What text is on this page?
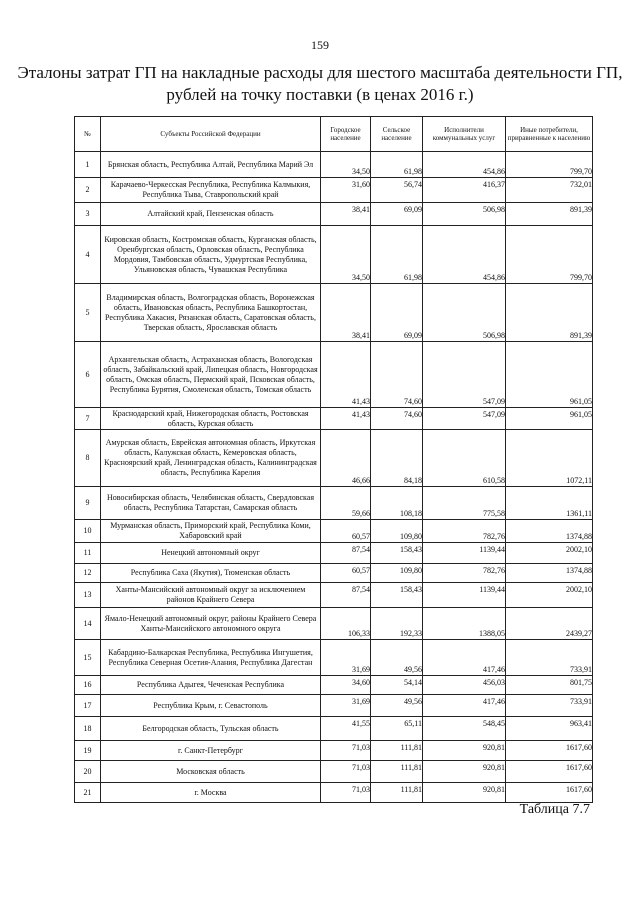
159
Эталоны затрат ГП на накладные расходы для шестого масштаба деятельности ГП, рублей на точку поставки (в ценах 2016 г.)
№	Субъекты Российской Федерации	Городское население	Сельское население	Исполнители коммунальных услуг	Иные потребители, приравненные к населению
1	Брянская область, Республика Алтай, Республика Марий Эл	34,50	61,98	454,86	799,70
2	Карачаево-Черкесская Республика, Республика Калмыкия, Республика Тыва, Ставропольский край	31,60	56,74	416,37	732,01
3	Алтайский край, Пензенская область	38,41	69,09	506,98	891,39
4	Кировская область, Костромская область, Курганская область, Оренбургская область, Орловская область, Республика Мордовия, Тамбовская область, Удмуртская Республика, Ульяновская область, Чувашская Республика	34,50	61,98	454,86	799,70
5	Владимирская область, Волгоградская область, Воронежская область, Ивановская область, Республика Башкортостан, Республика Хакасия, Рязанская область, Саратовская область, Тверская область, Ярославская область	38,41	69,09	506,98	891,39
6	Архангельская область, Астраханская область, Вологодская область, Забайкальский край, Липецкая область, Новгородская область, Омская область, Пермский край, Псковская область, Республика Бурятия, Смоленская область, Томская область	41,43	74,60	547,09	961,05
7	Краснодарский край, Нижегородская область, Ростовская область, Курская область	41,43	74,60	547,09	961,05
8	Амурская область, Еврейская автономная область, Иркутская область, Калужская область, Кемеровская область, Красноярский край, Ленинградская область, Калининградская область, Республика Карелия	46,66	84,18	610,58	1072,11
9	Новосибирская область, Челябинская область, Свердловская область, Республика Татарстан, Самарская область	59,66	108,18	775,58	1361,11
10	Мурманская область, Приморский край, Республика Коми, Хабаровский край	60,57	109,80	782,76	1374,88
11	Ненецкий автономный округ	87,54	158,43	1139,44	2002,10
12	Республика Саха (Якутия), Тюменская область	60,57	109,80	782,76	1374,88
13	Ханты-Мансийский автономный округ за исключением районов Крайнего Севера	87,54	158,43	1139,44	2002,10
14	Ямало-Ненецкий автономный округ, районы Крайнего Севера Ханты-Мансийского автономного округа	106,33	192,33	1388,05	2439,27
15	Кабардино-Балкарская Республика, Республика Ингушетия, Республика Северная Осетия-Алания, Республика Дагестан	31,69	49,56	417,46	733,91
16	Республика Адыгея, Чеченская Республика	34,60	54,14	456,03	801,75
17	Республика Крым, г. Севастополь	31,69	49,56	417,46	733,91
18	Белгородская область, Тульская область	41,55	65,11	548,45	963,41
19	г. Санкт-Петербург	71,03	111,81	920,81	1617,60
20	Московская область	71,03	111,81	920,81	1617,60
21	г. Москва	71,03	111,81	920,81	1617,60
Таблица 7.7
